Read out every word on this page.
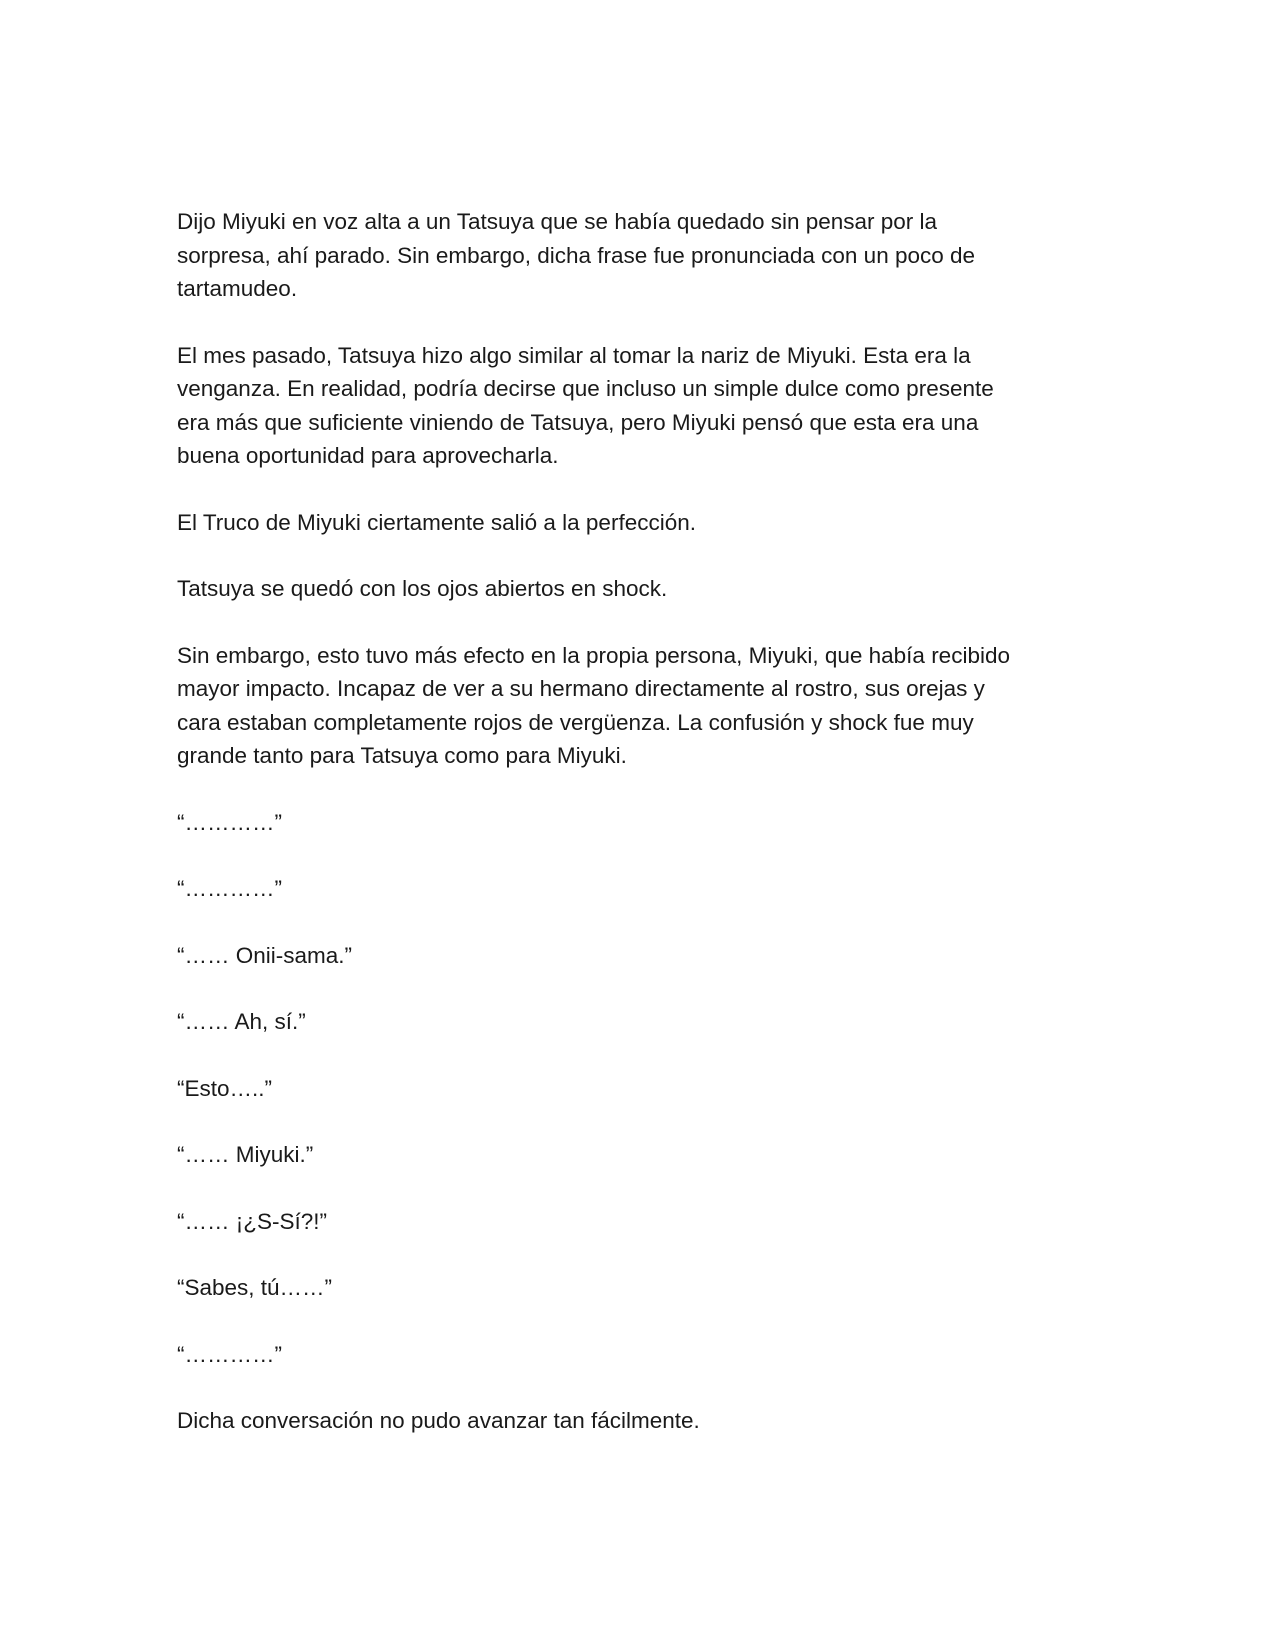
Dijo Miyuki en voz alta a un Tatsuya que se había quedado sin pensar por la
sorpresa, ahí parado. Sin embargo, dicha frase fue pronunciada con un poco de
tartamudeo.

El mes pasado, Tatsuya hizo algo similar al tomar la nariz de Miyuki. Esta era la
venganza. En realidad, podría decirse que incluso un simple dulce como presente
era más que suficiente viniendo de Tatsuya, pero Miyuki pensó que esta era una
buena oportunidad para aprovecharla.

El Truco de Miyuki ciertamente salió a la perfección.

Tatsuya se quedó con los ojos abiertos en shock.

Sin embargo, esto tuvo más efecto en la propia persona, Miyuki, que había recibido
mayor impacto. Incapaz de ver a su hermano directamente al rostro, sus orejas y
cara estaban completamente rojos de vergüenza. La confusión y shock fue muy
grande tanto para Tatsuya como para Miyuki.

“…………”

“…………”

“…… Onii-sama.”

“…… Ah, sí.”

“Esto…..”

“…… Miyuki.”

“…… ¡¿S-Sí?!”

“Sabes, tú……”

“…………”

Dicha conversación no pudo avanzar tan fácilmente.
